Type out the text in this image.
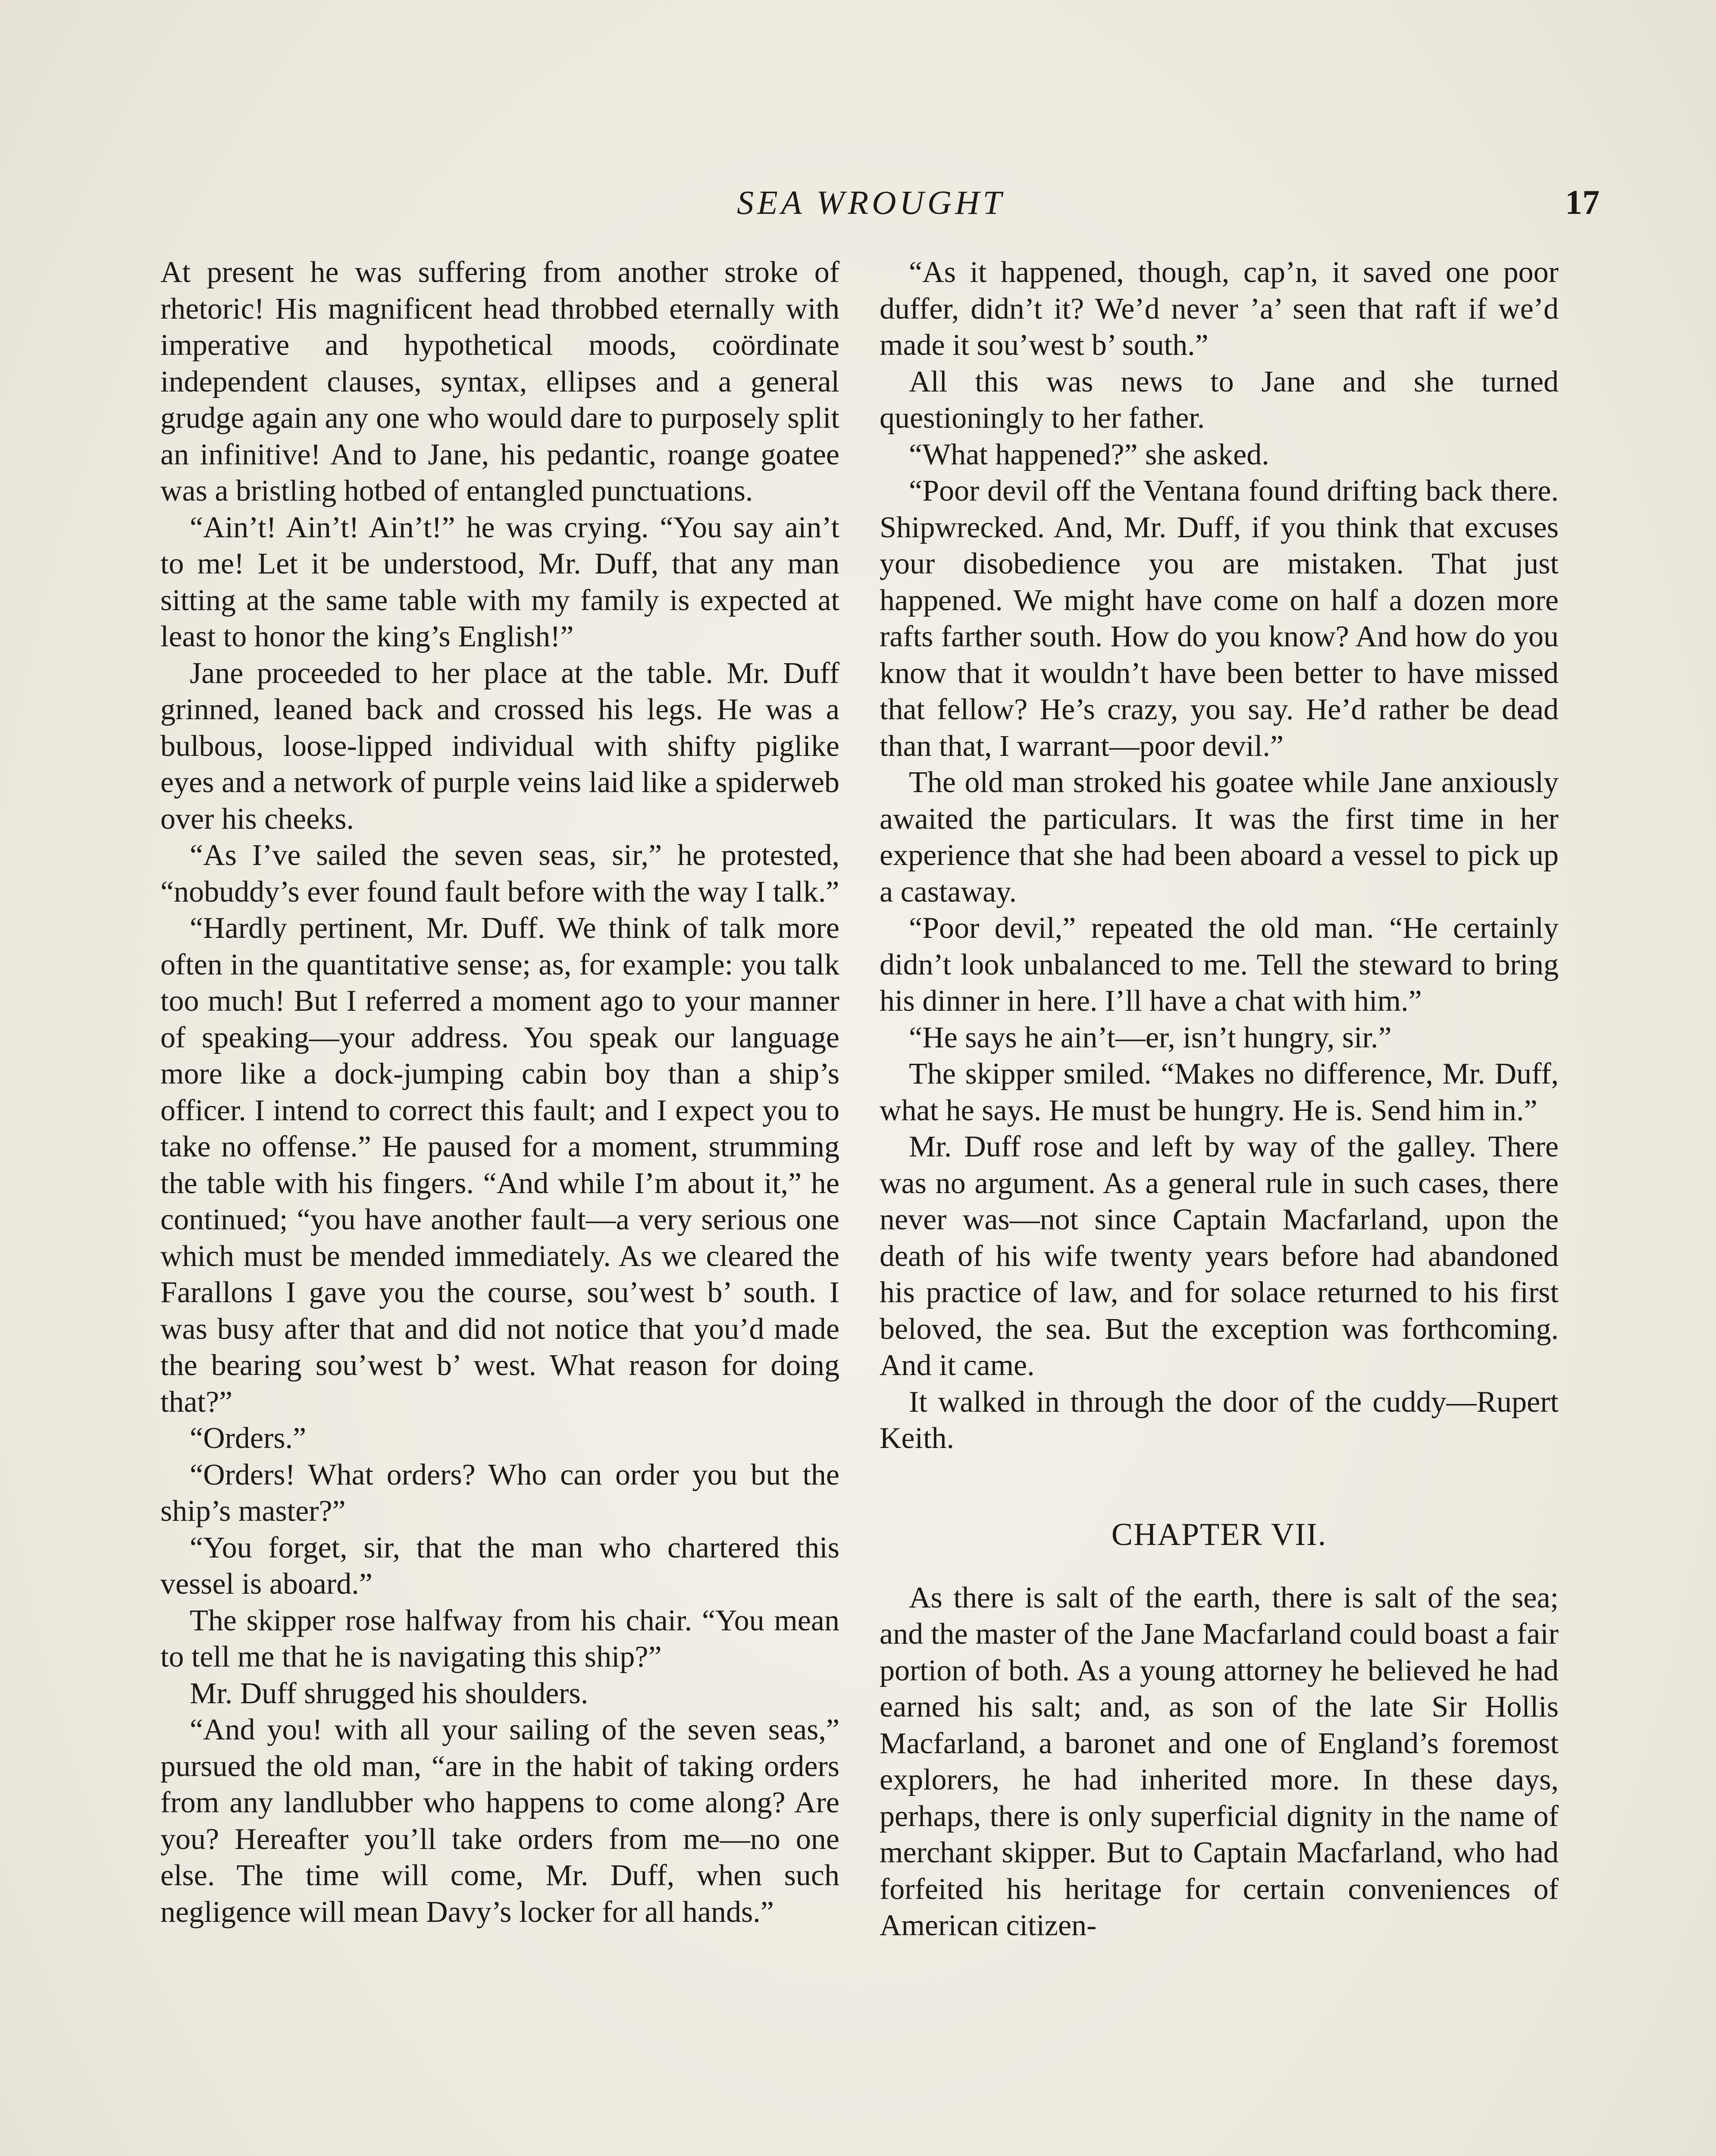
SEA WROUGHT	17

At present he was suffering from another stroke of rhetoric! His magnificent head throbbed eternally with imperative and hypothetical moods, coördinate independent clauses, syntax, ellipses and a general grudge again any one who would dare to purposely split an infinitive! And to Jane, his pedantic, roange goatee was a bristling hotbed of entangled punctuations.

“Ain’t! Ain’t! Ain’t!” he was crying. “You say ain’t to me! Let it be understood, Mr. Duff, that any man sitting at the same table with my family is expected at least to honor the king’s English!”

Jane proceeded to her place at the table. Mr. Duff grinned, leaned back and crossed his legs. He was a bulbous, loose-lipped individual with shifty piglike eyes and a network of purple veins laid like a spiderweb over his cheeks.

“As I’ve sailed the seven seas, sir,” he protested, “nobuddy’s ever found fault before with the way I talk.”

“Hardly pertinent, Mr. Duff. We think of talk more often in the quantitative sense; as, for example: you talk too much! But I referred a moment ago to your manner of speaking—your address. You speak our language more like a dock-jumping cabin boy than a ship’s officer. I intend to correct this fault; and I expect you to take no offense.” He paused for a moment, strumming the table with his fingers. “And while I’m about it,” he continued; “you have another fault—a very serious one which must be mended immediately. As we cleared the Farallons I gave you the course, sou’west b’ south. I was busy after that and did not notice that you’d made the bearing sou’west b’ west. What reason for doing that?”

“Orders.”

“Orders! What orders? Who can order you but the ship’s master?”

“You forget, sir, that the man who chartered this vessel is aboard.”

The skipper rose halfway from his chair. “You mean to tell me that he is navigating this ship?”

Mr. Duff shrugged his shoulders.

“And you! with all your sailing of the seven seas,” pursued the old man, “are in the habit of taking orders from any landlubber who happens to come along? Are you? Hereafter you’ll take orders from me—no one else. The time will come, Mr. Duff, when such negligence will mean Davy’s locker for all hands.”

“As it happened, though, cap’n, it saved one poor duffer, didn’t it? We’d never ’a’ seen that raft if we’d made it sou’west b’ south.”

All this was news to Jane and she turned questioningly to her father.

“What happened?” she asked.

“Poor devil off the Ventana found drifting back there. Shipwrecked. And, Mr. Duff, if you think that excuses your disobedience you are mistaken. That just happened. We might have come on half a dozen more rafts farther south. How do you know? And how do you know that it wouldn’t have been better to have missed that fellow? He’s crazy, you say. He’d rather be dead than that, I warrant—poor devil.”

The old man stroked his goatee while Jane anxiously awaited the particulars. It was the first time in her experience that she had been aboard a vessel to pick up a castaway.

“Poor devil,” repeated the old man. “He certainly didn’t look unbalanced to me. Tell the steward to bring his dinner in here. I’ll have a chat with him.”

“He says he ain’t—er, isn’t hungry, sir.”

The skipper smiled. “Makes no difference, Mr. Duff, what he says. He must be hungry. He is. Send him in.”

Mr. Duff rose and left by way of the galley. There was no argument. As a general rule in such cases, there never was—not since Captain Macfarland, upon the death of his wife twenty years before had abandoned his practice of law, and for solace returned to his first beloved, the sea. But the exception was forthcoming. And it came.

It walked in through the door of the cuddy—Rupert Keith.

CHAPTER VII.

As there is salt of the earth, there is salt of the sea; and the master of the Jane Macfarland could boast a fair portion of both. As a young attorney he believed he had earned his salt; and, as son of the late Sir Hollis Macfarland, a baronet and one of England’s foremost explorers, he had inherited more. In these days, perhaps, there is only superficial dignity in the name of merchant skipper. But to Captain Macfarland, who had forfeited his heritage for certain conveniences of American citizen-
